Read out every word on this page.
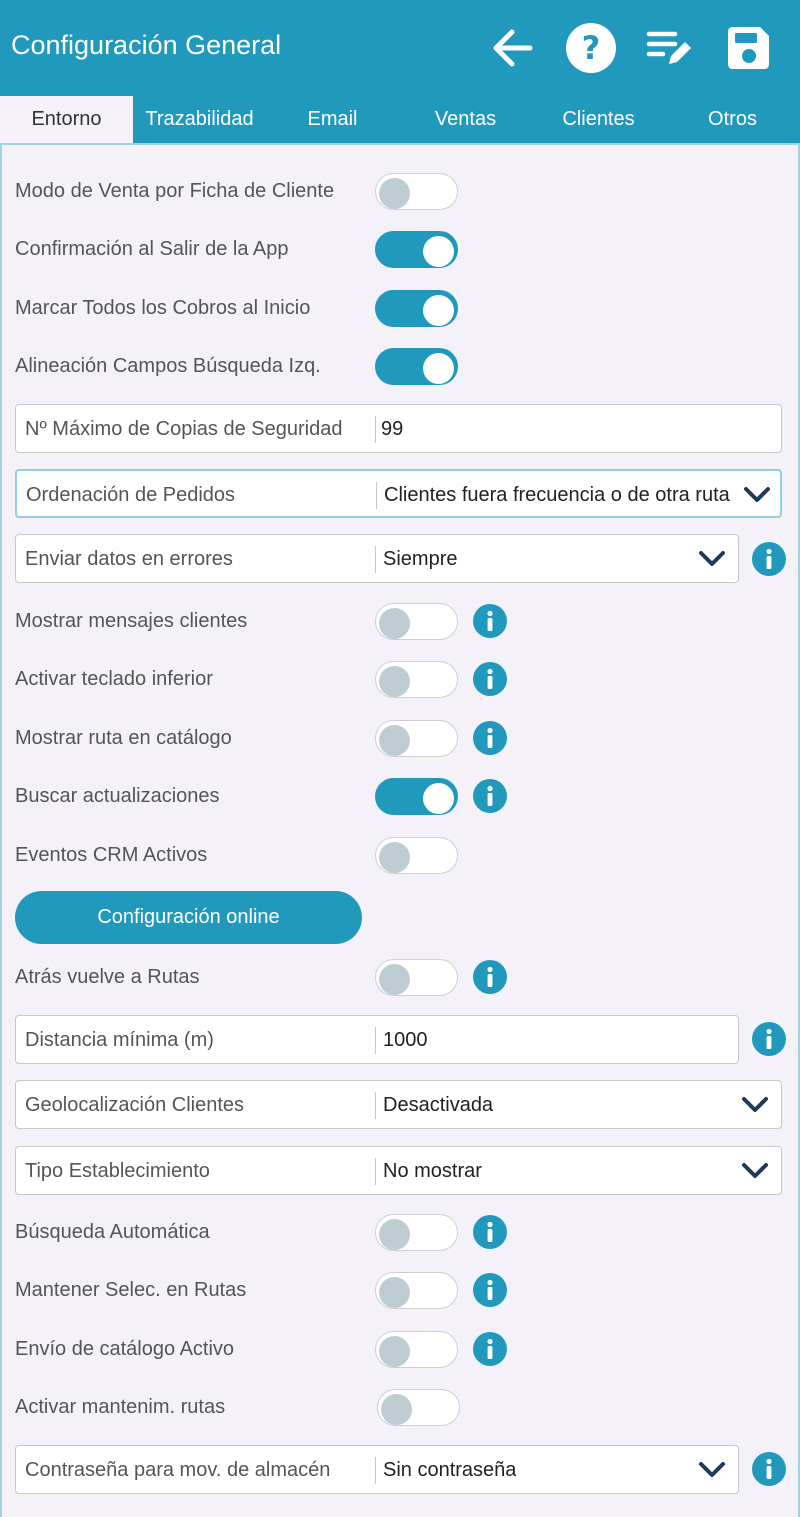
Configuración General	?
Entorno	Trazabilidad	Email	Ventas	Clientes	Otros
Modo de Venta por Ficha de Cliente
Confirmación al Salir de la App
Marcar Todos los Cobros al Inicio
Alineación Campos Búsqueda Izq.
Nº Máximo de Copias de Seguridad 99
Ordenación de Pedidos	Clientes fuera frecuencia o de otra ruta
Enviar datos en errores	Siempre
Mostrar mensajes clientes
Activar teclado inferior
Mostrar ruta en catálogo
Buscar actualizaciones
Eventos CRM Activos
Configuración online
Atrás vuelve a Rutas
Distancia mínima (m)	1000
Geolocalización Clientes	Desactivada
Tipo Establecimiento	No mostrar
Búsqueda Automática
Mantener Selec. en Rutas
Envío de catálogo Activo
Activar mantenim. rutas
Contraseña para mov. de almacén	Sin contraseña
